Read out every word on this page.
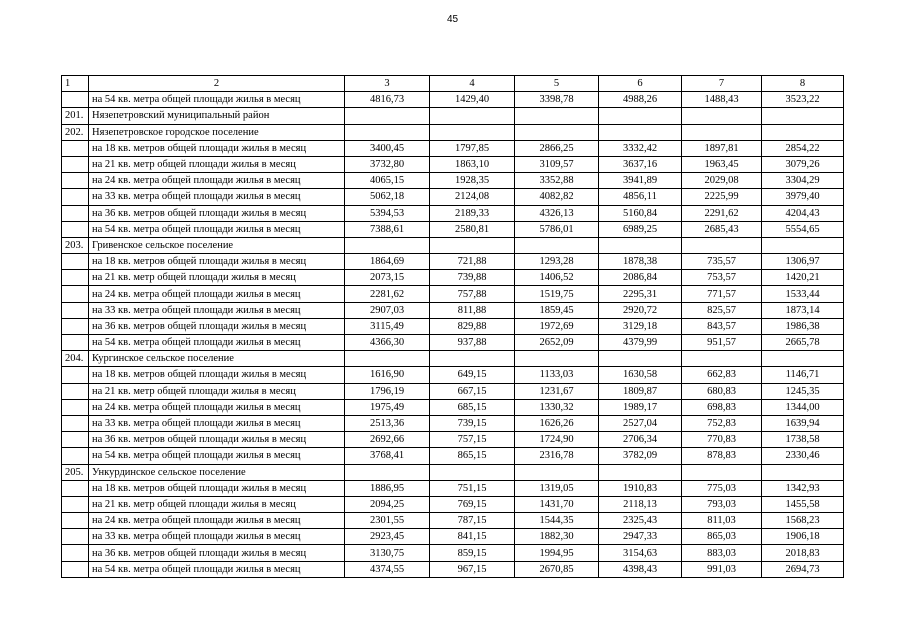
45
1	2	3	4	5	6	7	8
	на 54 кв. метра общей площади жилья в месяц	4816,73	1429,40	3398,78	4988,26	1488,43	3523,22
201.	Нязепетровский муниципальный район						
202.	Нязепетровское городское поселение						
	на 18 кв. метров общей площади жилья в месяц	3400,45	1797,85	2866,25	3332,42	1897,81	2854,22
	на 21 кв. метр общей площади жилья в месяц	3732,80	1863,10	3109,57	3637,16	1963,45	3079,26
	на 24 кв. метра общей площади жилья в месяц	4065,15	1928,35	3352,88	3941,89	2029,08	3304,29
	на 33 кв. метра общей площади жилья в месяц	5062,18	2124,08	4082,82	4856,11	2225,99	3979,40
	на 36 кв. метров общей площади жилья в месяц	5394,53	2189,33	4326,13	5160,84	2291,62	4204,43
	на 54 кв. метра общей площади жилья в месяц	7388,61	2580,81	5786,01	6989,25	2685,43	5554,65
203.	Гривенское сельское поселение						
	на 18 кв. метров общей площади жилья в месяц	1864,69	721,88	1293,28	1878,38	735,57	1306,97
	на 21 кв. метр общей площади жилья в месяц	2073,15	739,88	1406,52	2086,84	753,57	1420,21
	на 24 кв. метра общей площади жилья в месяц	2281,62	757,88	1519,75	2295,31	771,57	1533,44
	на 33 кв. метра общей площади жилья в месяц	2907,03	811,88	1859,45	2920,72	825,57	1873,14
	на 36 кв. метров общей площади жилья в месяц	3115,49	829,88	1972,69	3129,18	843,57	1986,38
	на 54 кв. метра общей площади жилья в месяц	4366,30	937,88	2652,09	4379,99	951,57	2665,78
204.	Кургинское сельское поселение						
	на 18 кв. метров общей площади жилья в месяц	1616,90	649,15	1133,03	1630,58	662,83	1146,71
	на 21 кв. метр общей площади жилья в месяц	1796,19	667,15	1231,67	1809,87	680,83	1245,35
	на 24 кв. метра общей площади жилья в месяц	1975,49	685,15	1330,32	1989,17	698,83	1344,00
	на 33 кв. метра общей площади жилья в месяц	2513,36	739,15	1626,26	2527,04	752,83	1639,94
	на 36 кв. метров общей площади жилья в месяц	2692,66	757,15	1724,90	2706,34	770,83	1738,58
	на 54 кв. метра общей площади жилья в месяц	3768,41	865,15	2316,78	3782,09	878,83	2330,46
205.	Ункурдинское сельское поселение						
	на 18 кв. метров общей площади жилья в месяц	1886,95	751,15	1319,05	1910,83	775,03	1342,93
	на 21 кв. метр общей площади жилья в месяц	2094,25	769,15	1431,70	2118,13	793,03	1455,58
	на 24 кв. метра общей площади жилья в месяц	2301,55	787,15	1544,35	2325,43	811,03	1568,23
	на 33 кв. метра общей площади жилья в месяц	2923,45	841,15	1882,30	2947,33	865,03	1906,18
	на 36 кв. метров общей площади жилья в месяц	3130,75	859,15	1994,95	3154,63	883,03	2018,83
	на 54 кв. метра общей площади жилья в месяц	4374,55	967,15	2670,85	4398,43	991,03	2694,73
